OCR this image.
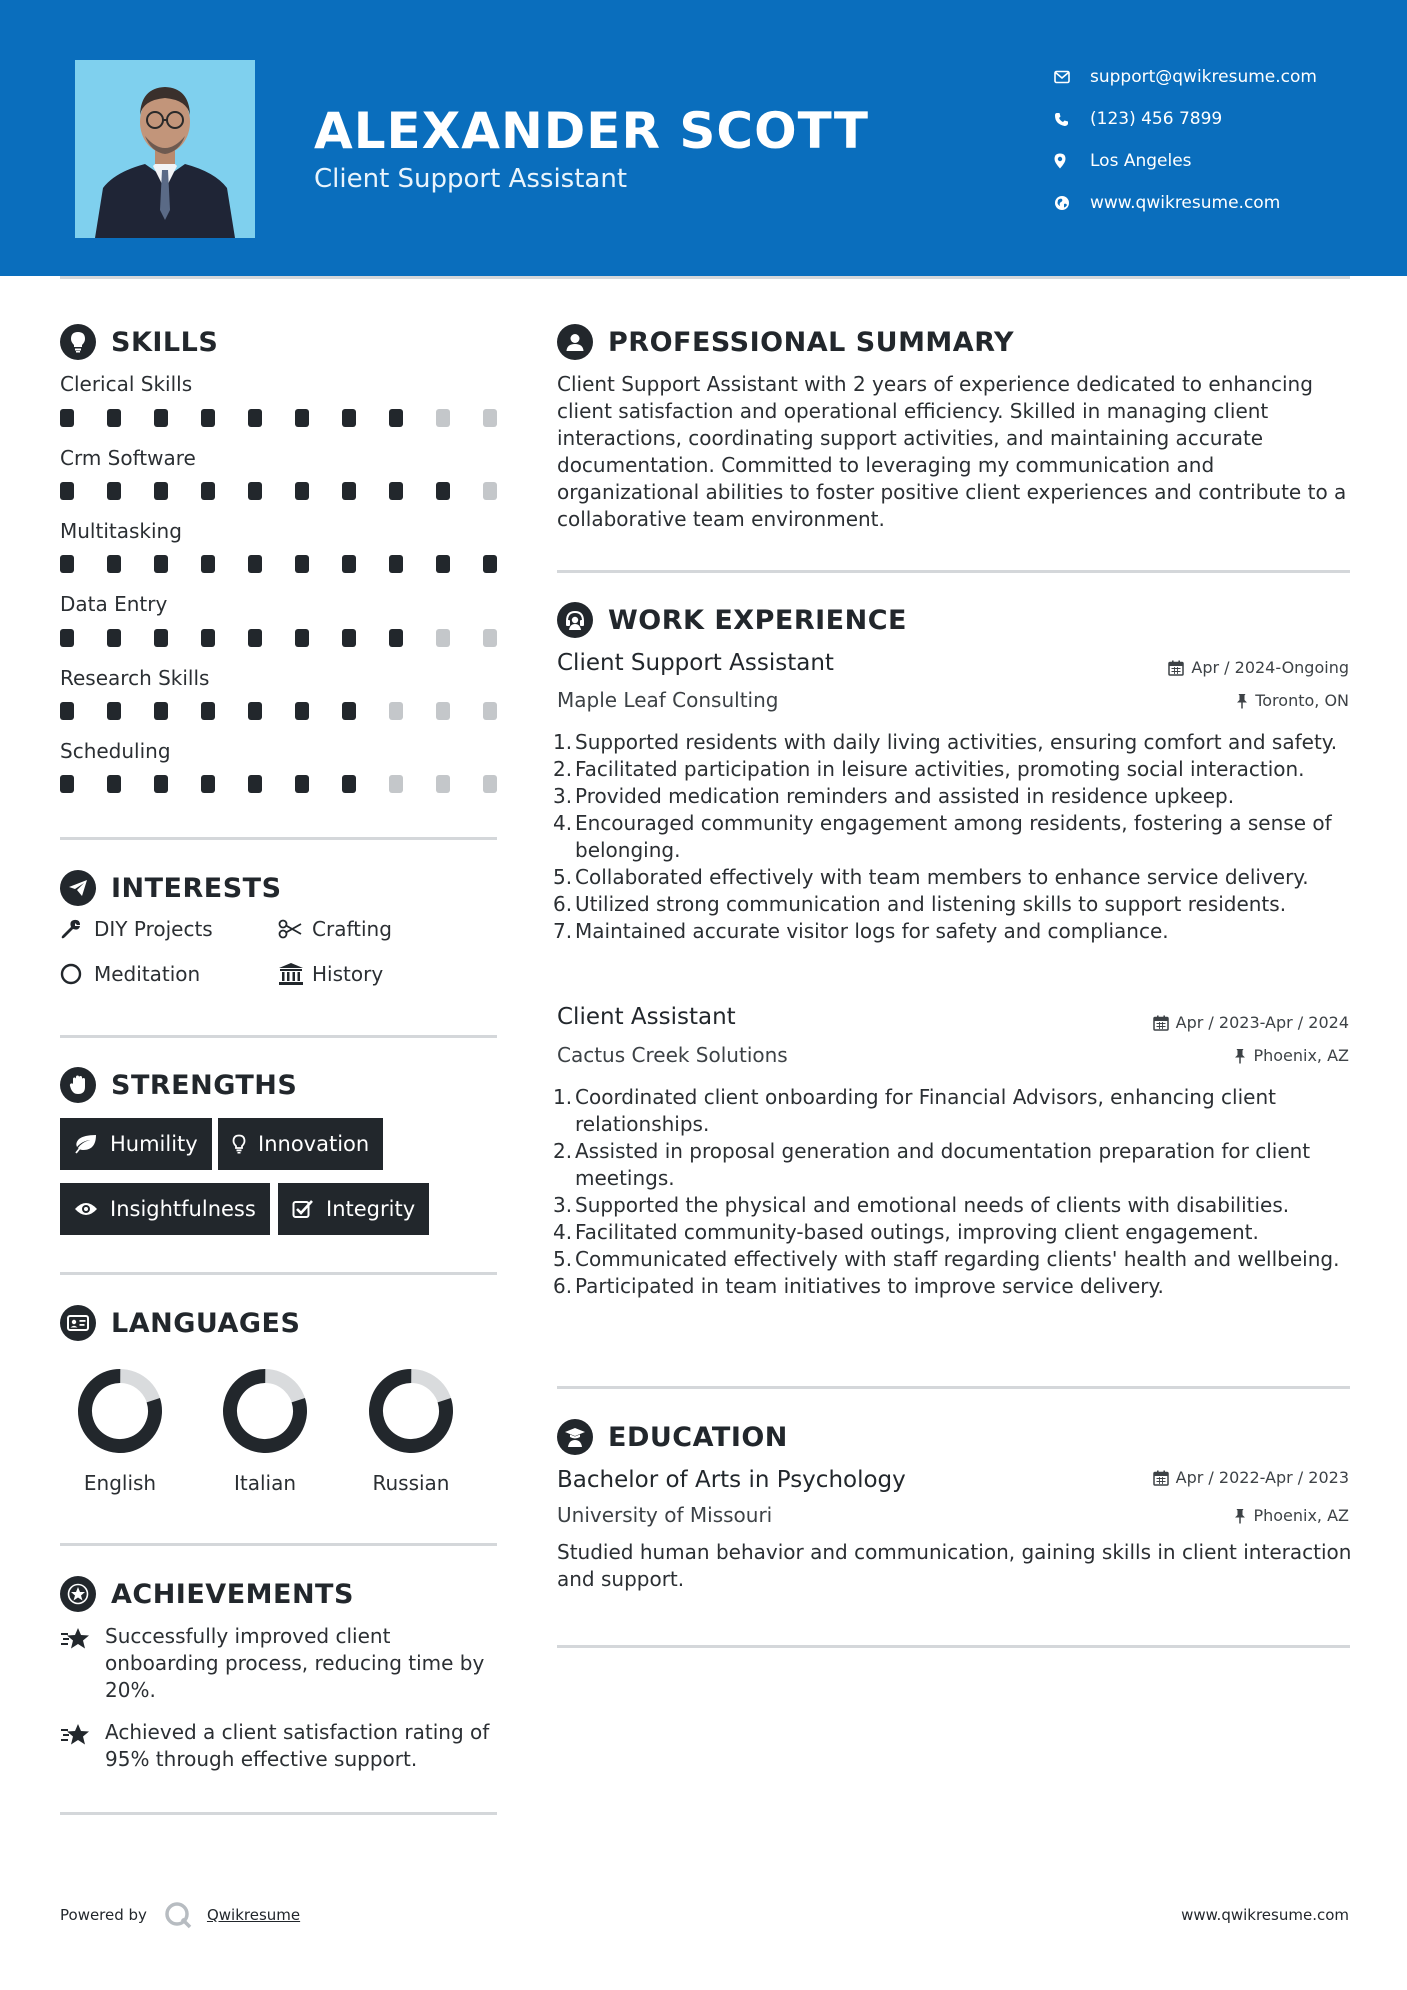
ALEXANDER SCOTT
Client Support Assistant
support@qwikresume.com
(123) 456 7899
Los Angeles
www.qwikresume.com
SKILLS
Clerical Skills
Crm Software
Multitasking
Data Entry
Research Skills
Scheduling
INTERESTS
DIY Projects	Crafting
Meditation	History
STRENGTHS
Humility	Innovation
Insightfulness	Integrity
LANGUAGES
English	Italian	Russian
ACHIEVEMENTS
Successfully improved client onboarding process, reducing time by 20%.
Achieved a client satisfaction rating of 95% through effective support.
PROFESSIONAL SUMMARY
Client Support Assistant with 2 years of experience dedicated to enhancing client satisfaction and operational efficiency. Skilled in managing client interactions, coordinating support activities, and maintaining accurate documentation. Committed to leveraging my communication and organizational abilities to foster positive client experiences and contribute to a collaborative team environment.
WORK EXPERIENCE
Client Support Assistant	Apr / 2024-Ongoing
Maple Leaf Consulting	Toronto, ON
1. Supported residents with daily living activities, ensuring comfort and safety.
2. Facilitated participation in leisure activities, promoting social interaction.
3. Provided medication reminders and assisted in residence upkeep.
4. Encouraged community engagement among residents, fostering a sense of belonging.
5. Collaborated effectively with team members to enhance service delivery.
6. Utilized strong communication and listening skills to support residents.
7. Maintained accurate visitor logs for safety and compliance.
Client Assistant	Apr / 2023-Apr / 2024
Cactus Creek Solutions	Phoenix, AZ
1. Coordinated client onboarding for Financial Advisors, enhancing client relationships.
2. Assisted in proposal generation and documentation preparation for client meetings.
3. Supported the physical and emotional needs of clients with disabilities.
4. Facilitated community-based outings, improving client engagement.
5. Communicated effectively with staff regarding clients' health and wellbeing.
6. Participated in team initiatives to improve service delivery.
EDUCATION
Bachelor of Arts in Psychology	Apr / 2022-Apr / 2023
University of Missouri	Phoenix, AZ
Studied human behavior and communication, gaining skills in client interaction and support.
Powered by	Qwikresume	www.qwikresume.com
